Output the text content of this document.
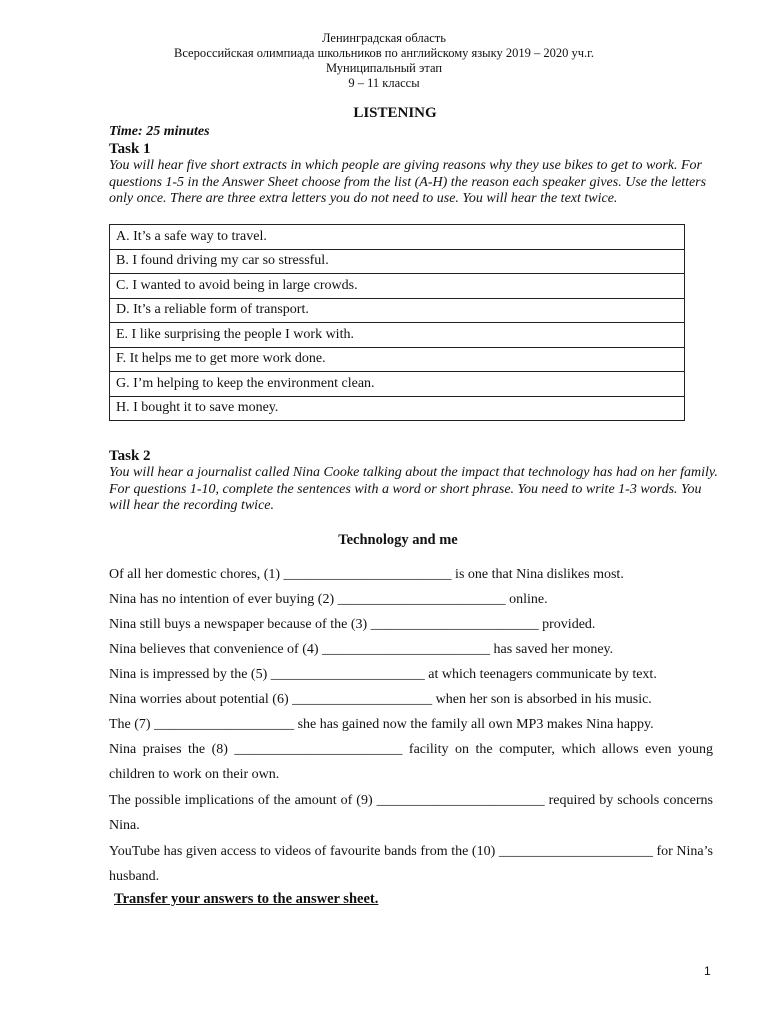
Ленинградская область
Всероссийская олимпиада школьников по английскому языку 2019 – 2020 уч.г.
Муниципальный этап
9 – 11 классы
LISTENING
Time: 25 minutes
Task 1
You will hear five short extracts in which people are giving reasons why they use bikes to get to work. For questions 1-5 in the Answer Sheet choose from the list (A-H) the reason each speaker gives. Use the letters only once. There are three extra letters you do not need to use. You will hear the text twice.
A. It’s a safe way to travel.
B. I found driving my car so stressful.
C. I wanted to avoid being in large crowds.
D. It’s a reliable form of transport.
E. I like surprising the people I work with.
F. It helps me to get more work done.
G. I’m helping to keep the environment clean.
H. I bought it to save money.
Task 2
You will hear a journalist called Nina Cooke talking about the impact that technology has had on her family. For questions 1-10, complete the sentences with a word or short phrase. You need to write 1-3 words. You will hear the recording twice.
Technology and me
Of all her domestic chores, (1) ________________________ is one that Nina dislikes most.
Nina has no intention of ever buying (2) ________________________ online.
Nina still buys a newspaper because of the (3) ________________________ provided.
Nina believes that convenience of (4) ________________________ has saved her money.
Nina is impressed by the (5) ______________________ at which teenagers communicate by text.
Nina worries about potential (6) ____________________ when her son is absorbed in his music.
The (7) ____________________ she has gained now the family all own MP3 makes Nina happy.
Nina praises the (8) ________________________ facility on the computer, which allows even young children to work on their own.
The possible implications of the amount of (9) ________________________ required by schools concerns Nina.
YouTube has given access to videos of favourite bands from the (10) ______________________ for Nina’s husband.
Transfer your answers to the answer sheet.
1
